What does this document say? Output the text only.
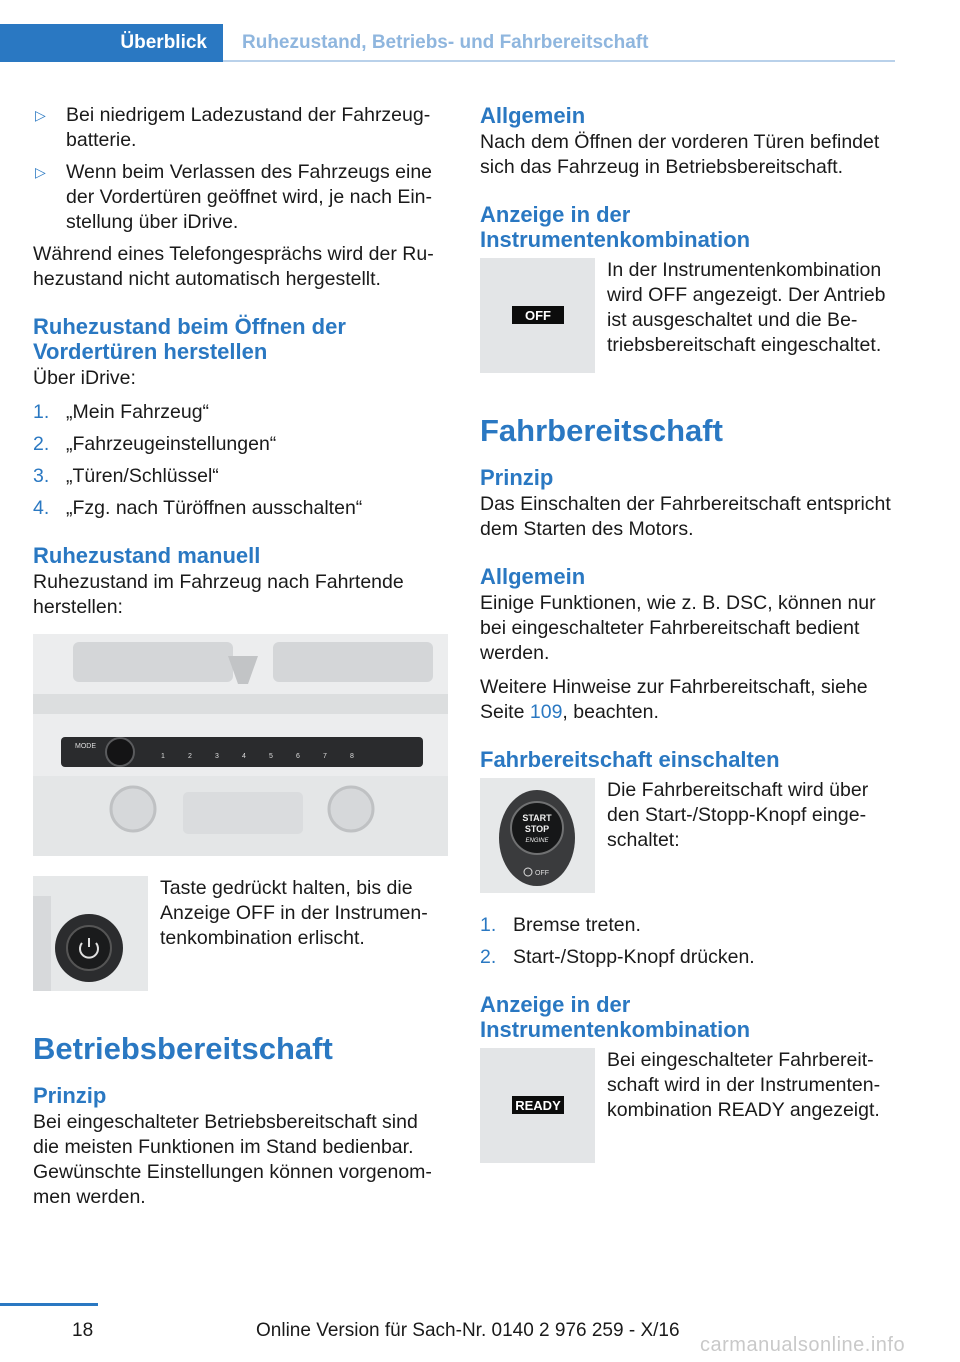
Überblick	Ruhezustand, Betriebs- und Fahrbereitschaft
▷ Bei niedrigem Ladezustand der Fahrzeugbatterie.
▷ Wenn beim Verlassen des Fahrzeugs eine der Vordertüren geöffnet wird, je nach Einstellung über iDrive.

Während eines Telefongesprächs wird der Ruhezustand nicht automatisch hergestellt.

Ruhezustand beim Öffnen der Vordertüren herstellen

Über iDrive:

1. „Mein Fahrzeug“
2. „Fahrzeugeinstellungen“
3. „Türen/Schlüssel“
4. „Fzg. nach Türöffnen ausschalten“
Ruhezustand manuell

Ruhezustand im Fahrzeug nach Fahrtende herstellen:

MODE
1	2	3	4	5	6	7	8

Taste gedrückt halten, bis die Anzeige OFF in der Instrumentenkombination erlischt.

Betriebsbereitschaft
Prinzip

Bei eingeschalteter Betriebsbereitschaft sind die meisten Funktionen im Stand bedienbar. Gewünschte Einstellungen können vorgenommen werden.

Allgemein

Nach dem Öffnen der vorderen Türen befindet sich das Fahrzeug in Betriebsbereitschaft.

Anzeige in der Instrumentenkombination
OFF

In der Instrumentenkombination wird OFF angezeigt. Der Antrieb ist ausgeschaltet und die Betriebsbereitschaft eingeschaltet.

Fahrbereitschaft
Prinzip

Das Einschalten der Fahrbereitschaft entspricht dem Starten des Motors.

Allgemein

Einige Funktionen, wie z. B. DSC, können nur bei eingeschalteter Fahrbereitschaft bedient werden.

Weitere Hinweise zur Fahrbereitschaft, siehe Seite 109, beachten.

Fahrbereitschaft einschalten
START
STOP
ENGINE
OFF

Die Fahrbereitschaft wird über den Start-/Stopp-Knopf eingeschaltet:

1. Bremse treten.
2. Start-/Stopp-Knopf drücken.
Anzeige in der Instrumentenkombination
READY

Bei eingeschalteter Fahrbereitschaft wird in der Instrumentenkombination READY angezeigt.

18	Online Version für Sach-Nr. 0140 2 976 259 - X/16
carmanualsonline.info
